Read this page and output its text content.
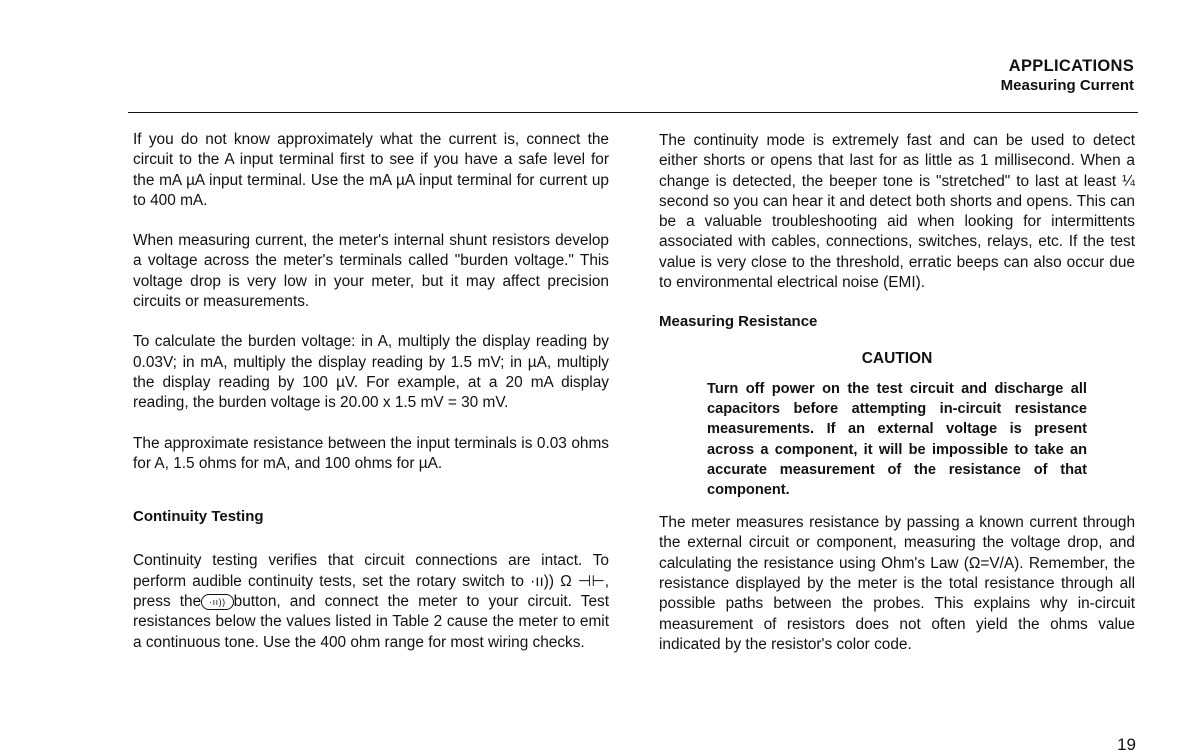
APPLICATIONS
Measuring Current

If you do not know approximately what the current is, connect the circuit to the A input terminal first to see if you have a safe level for the mA µA input terminal. Use the mA µA input terminal for current up to 400 mA.

When measuring current, the meter's internal shunt resistors develop a voltage across the meter's terminals called "burden voltage." This voltage drop is very low in your meter, but it may affect precision circuits or measurements.

To calculate the burden voltage: in A, multiply the display reading by 0.03V; in mA, multiply the display reading by 1.5 mV; in µA, multiply the display reading by 100 µV. For example, at a 20 mA display reading, the burden voltage is 20.00 x 1.5 mV = 30 mV.

The approximate resistance between the input terminals is 0.03 ohms for A, 1.5 ohms for mA, and 100 ohms for µA.

Continuity Testing

Continuity testing verifies that circuit connections are intact. To perform audible continuity tests, set the rotary switch to ·ıı)) Ω ⊣⊢, press the ·ıı)) button, and connect the meter to your circuit. Test resistances below the values listed in Table 2 cause the meter to emit a continuous tone. Use the 400 ohm range for most wiring checks.

The continuity mode is extremely fast and can be used to detect either shorts or opens that last for as little as 1 millisecond. When a change is detected, the beeper tone is "stretched" to last at least ¼ second so you can hear it and detect both shorts and opens. This can be a valuable troubleshooting aid when looking for intermittents associated with cables, connections, switches, relays, etc. If the test value is very close to the threshold, erratic beeps can also occur due to environmental electrical noise (EMI).

Measuring Resistance

CAUTION

Turn off power on the test circuit and discharge all capacitors before attempting in-circuit resistance measurements. If an external voltage is present across a component, it will be impossible to take an accurate measurement of the resistance of that component.

The meter measures resistance by passing a known current through the external circuit or component, measuring the voltage drop, and calculating the resistance using Ohm's Law (Ω=V/A). Remember, the resistance displayed by the meter is the total resistance through all possible paths between the probes. This explains why in-circuit measurement of resistors does not often yield the ohms value indicated by the resistor's color code.

19
